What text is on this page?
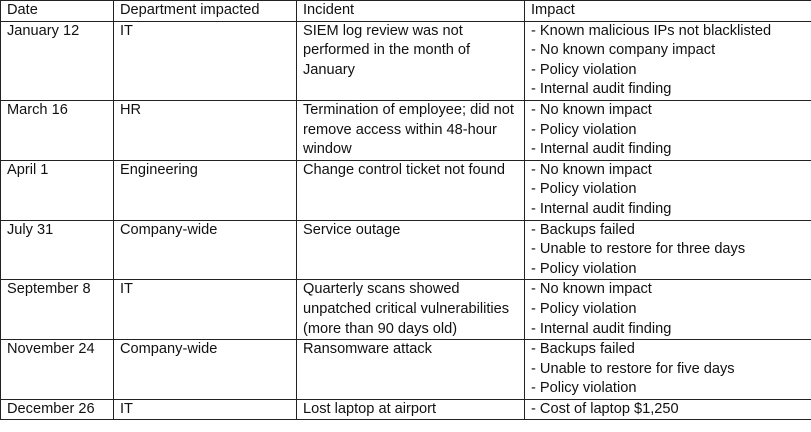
Date	Department impacted	Incident	Impact
January 12	IT	SIEM log review was not performed in the month of January	- Known malicious IPs not blacklisted
- No known company impact
- Policy violation
- Internal audit finding

March 16	HR	Termination of employee; did not remove access within 48-hour window	- No known impact
- Policy violation
- Internal audit finding

April 1	Engineering	Change control ticket not found	- No known impact
- Policy violation
- Internal audit finding

July 31	Company-wide	Service outage	- Backups failed
- Unable to restore for three days
- Policy violation

September 8	IT	Quarterly scans showed unpatched critical vulnerabilities (more than 90 days old)	- No known impact
- Policy violation
- Internal audit finding

November 24	Company-wide	Ransomware attack	- Backups failed
- Unable to restore for five days
- Policy violation

December 26	IT	Lost laptop at airport	- Cost of laptop $1,250
